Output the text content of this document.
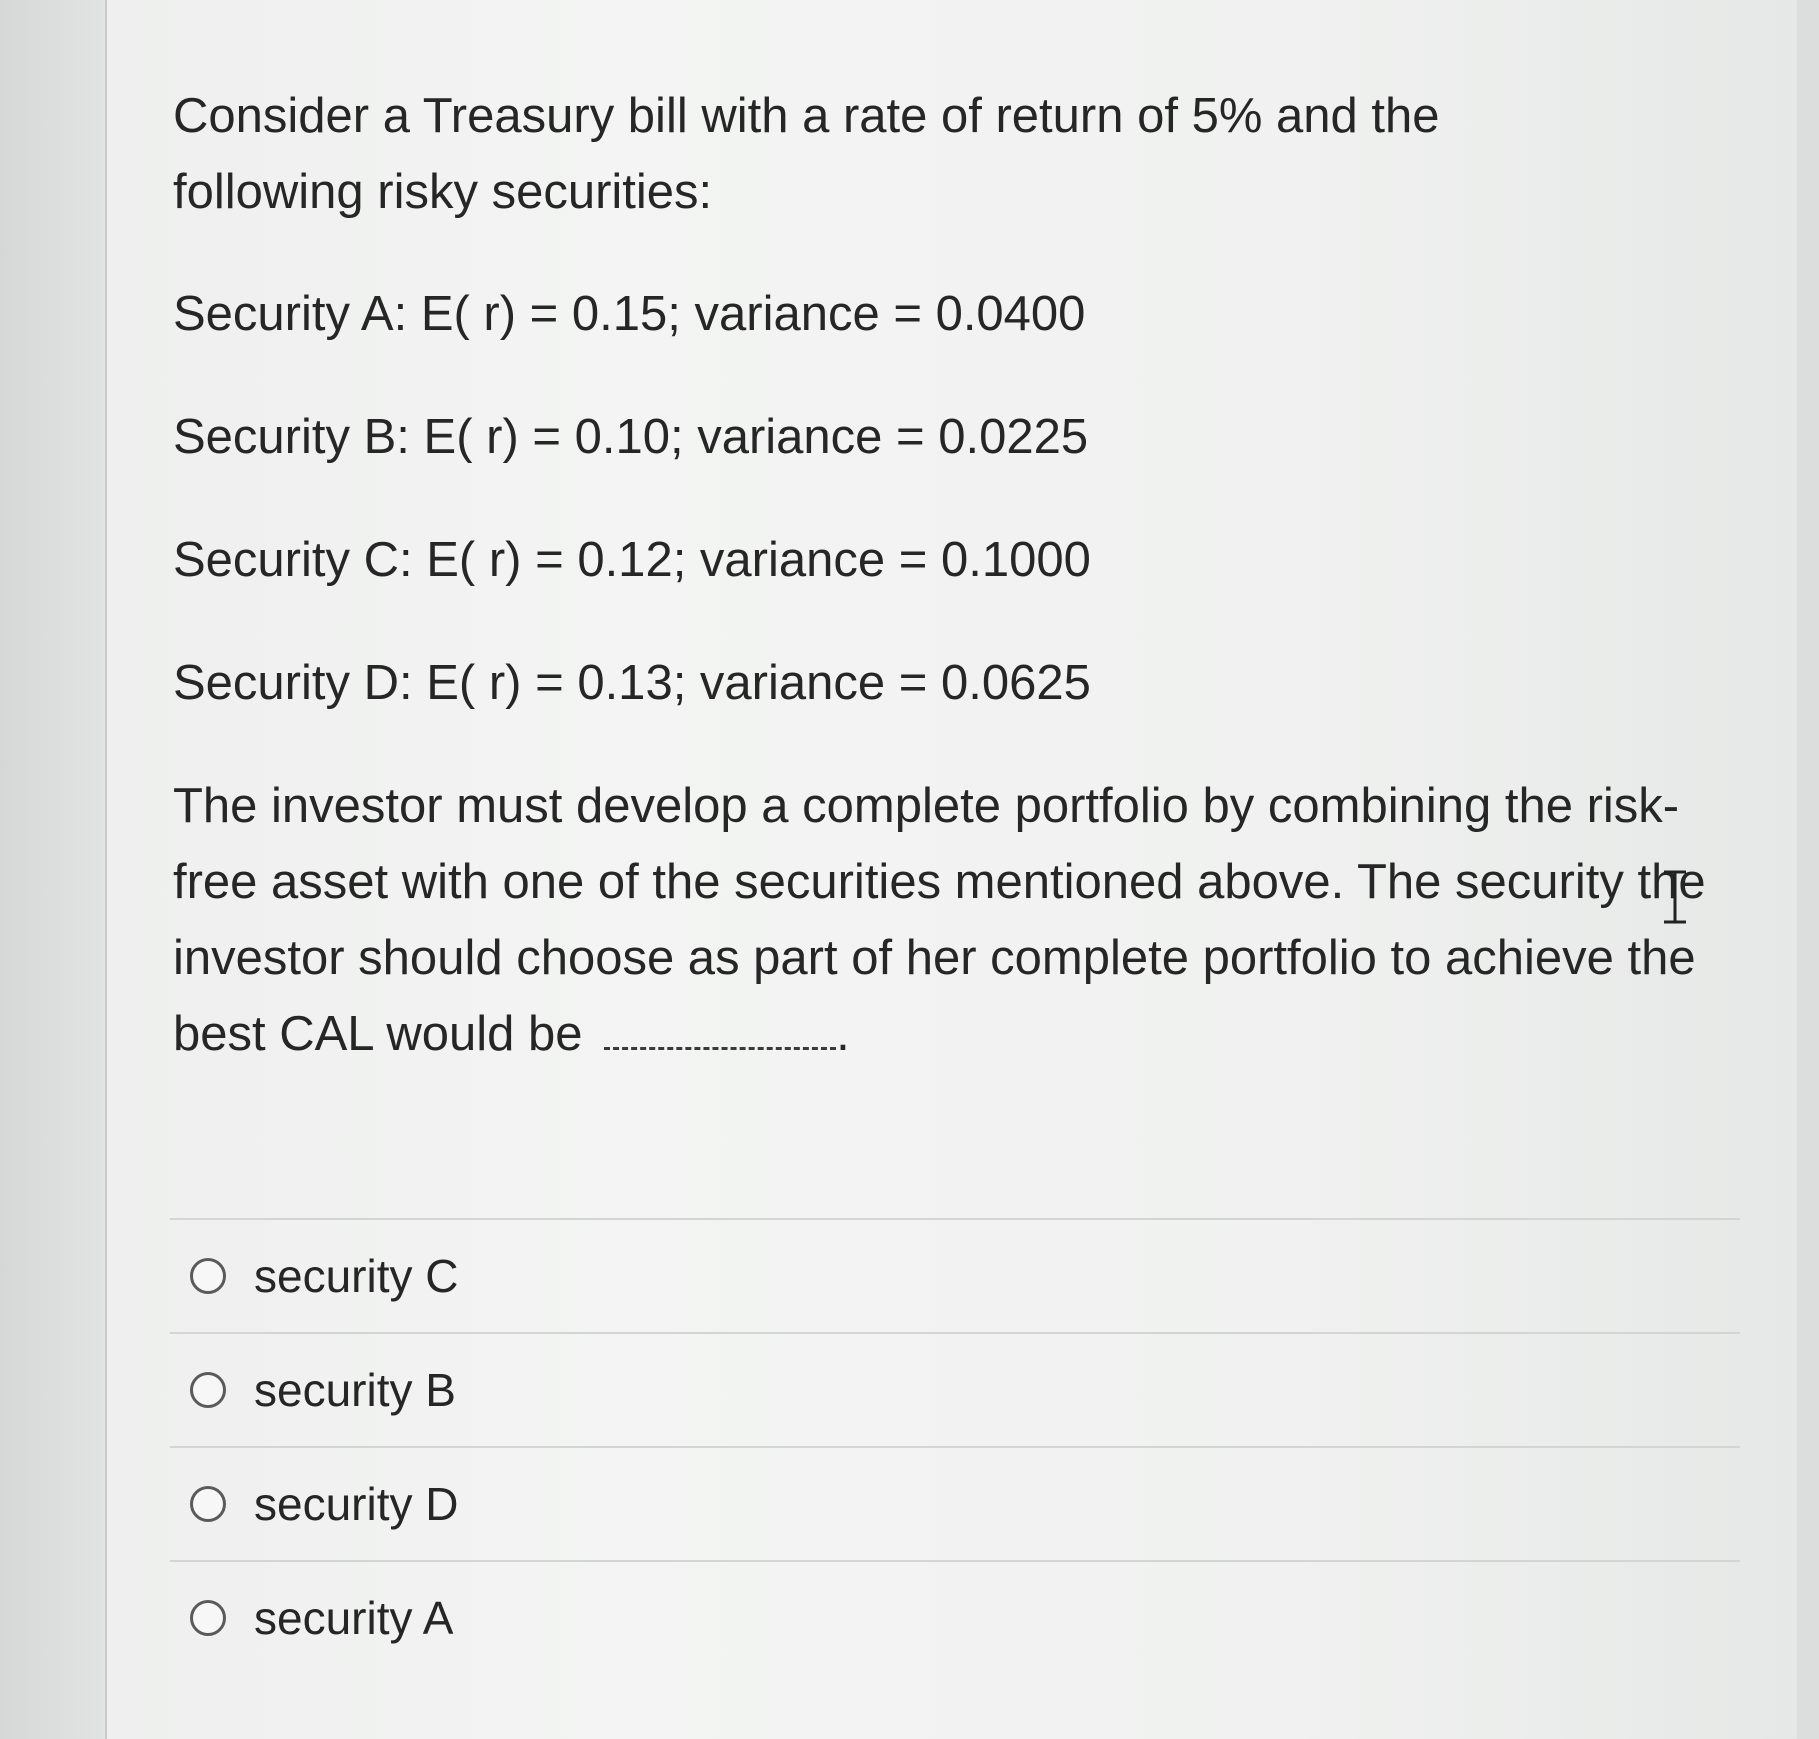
Consider a Treasury bill with a rate of return of 5% and the following risky securities:
Security A: E( r) = 0.15; variance = 0.0400
Security B: E( r) = 0.10; variance = 0.0225
Security C: E( r) = 0.12; variance = 0.1000
Security D: E( r) = 0.13; variance = 0.0625
The investor must develop a complete portfolio by combining the risk-free asset with one of the securities mentioned above. The security the investor should choose as part of her complete portfolio to achieve the best CAL would be	.
security C
security B
security D
security A
